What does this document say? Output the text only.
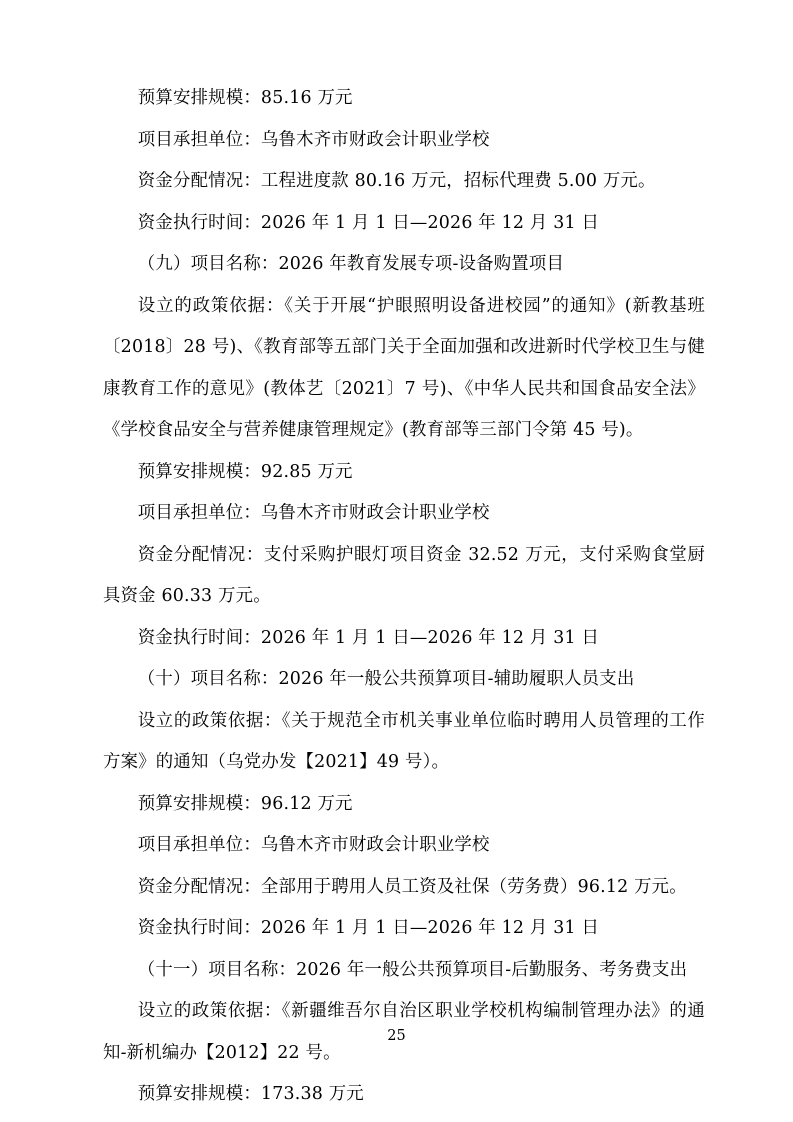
预算安排规模：85.16 万元

项目承担单位：乌鲁木齐市财政会计职业学校

资金分配情况：工程进度款 80.16 万元，招标代理费 5.00 万元。

资金执行时间：2026 年 1 月 1 日—2026 年 12 月 31 日

（九）项目名称：2026 年教育发展专项-设备购置项目

设立的政策依据：《关于开展“护眼照明设备进校园”的通知》(新教基班〔2018〕28 号)、《教育部等五部门关于全面加强和改进新时代学校卫生与健康教育工作的意见》(教体艺〔2021〕7 号)、《中华人民共和国食品安全法》《学校食品安全与营养健康管理规定》(教育部等三部门令第 45 号)。

预算安排规模：92.85 万元

项目承担单位：乌鲁木齐市财政会计职业学校

资金分配情况：支付采购护眼灯项目资金 32.52 万元，支付采购食堂厨具资金 60.33 万元。

资金执行时间：2026 年 1 月 1 日—2026 年 12 月 31 日

（十）项目名称：2026 年一般公共预算项目-辅助履职人员支出

设立的政策依据：《关于规范全市机关事业单位临时聘用人员管理的工作方案》的通知（乌党办发【2021】49 号）。

预算安排规模：96.12 万元

项目承担单位：乌鲁木齐市财政会计职业学校

资金分配情况：全部用于聘用人员工资及社保（劳务费）96.12 万元。

资金执行时间：2026 年 1 月 1 日—2026 年 12 月 31 日

（十一）项目名称：2026 年一般公共预算项目-后勤服务、考务费支出

设立的政策依据：《新疆维吾尔自治区职业学校机构编制管理办法》的通知-新机编办【2012】22 号。

预算安排规模：173.38 万元

25
